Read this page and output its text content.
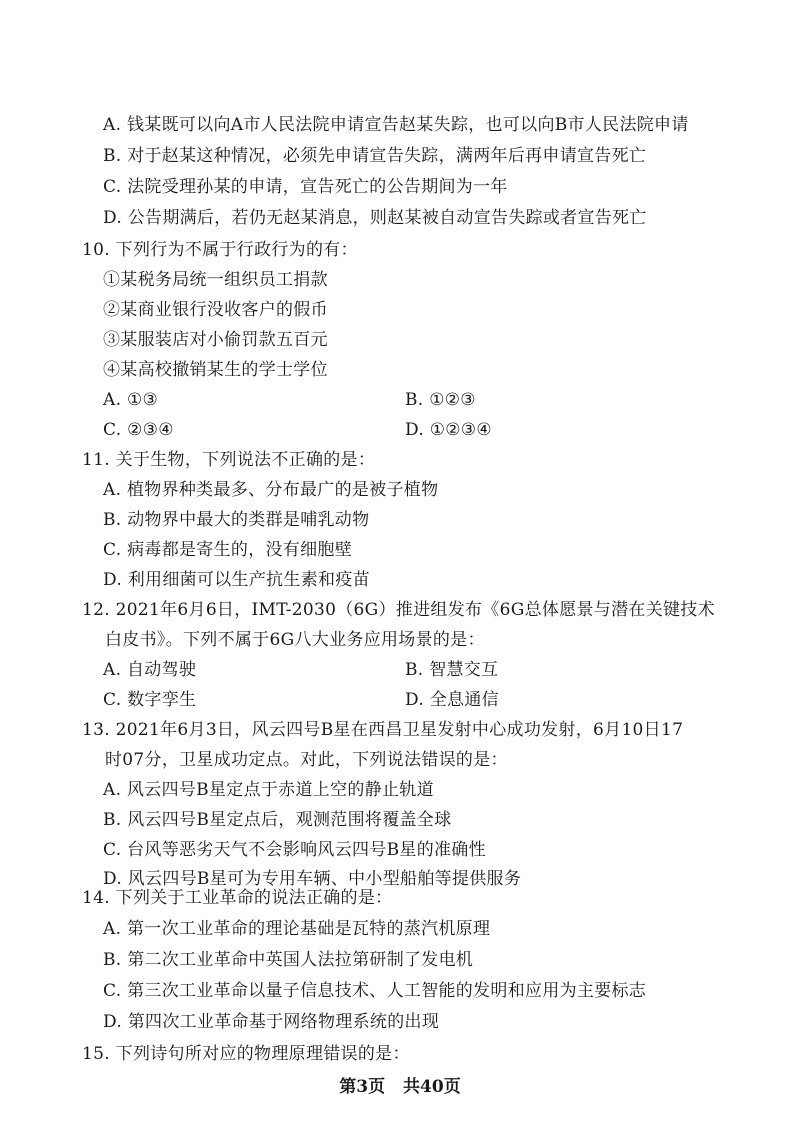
A. 钱某既可以向A市人民法院申请宣告赵某失踪，也可以向B市人民法院申请
B. 对于赵某这种情况，必须先申请宣告失踪，满两年后再申请宣告死亡
C. 法院受理孙某的申请，宣告死亡的公告期间为一年
D. 公告期满后，若仍无赵某消息，则赵某被自动宣告失踪或者宣告死亡
10. 下列行为不属于行政行为的有：
①某税务局统一组织员工捐款
②某商业银行没收客户的假币
③某服装店对小偷罚款五百元
④某高校撤销某生的学士学位
A. ①③	B. ①②③
C. ②③④	D. ①②③④
11. 关于生物，下列说法不正确的是：
A. 植物界种类最多、分布最广的是被子植物
B. 动物界中最大的类群是哺乳动物
C. 病毒都是寄生的，没有细胞壁
D. 利用细菌可以生产抗生素和疫苗
12. 2021年6月6日，IMT-2030（6G）推进组发布《6G总体愿景与潜在关键技术
白皮书》。下列不属于6G八大业务应用场景的是：
A. 自动驾驶	B. 智慧交互
C. 数字孪生	D. 全息通信
13. 2021年6月3日，风云四号B星在西昌卫星发射中心成功发射，6月10日17
时07分，卫星成功定点。对此，下列说法错误的是：
A. 风云四号B星定点于赤道上空的静止轨道
B. 风云四号B星定点后，观测范围将覆盖全球
C. 台风等恶劣天气不会影响风云四号B星的准确性
D. 风云四号B星可为专用车辆、中小型船舶等提供服务
14. 下列关于工业革命的说法正确的是：
A. 第一次工业革命的理论基础是瓦特的蒸汽机原理
B. 第二次工业革命中英国人法拉第研制了发电机
C. 第三次工业革命以量子信息技术、人工智能的发明和应用为主要标志
D. 第四次工业革命基于网络物理系统的出现
15. 下列诗句所对应的物理原理错误的是：
第3页 共40页
